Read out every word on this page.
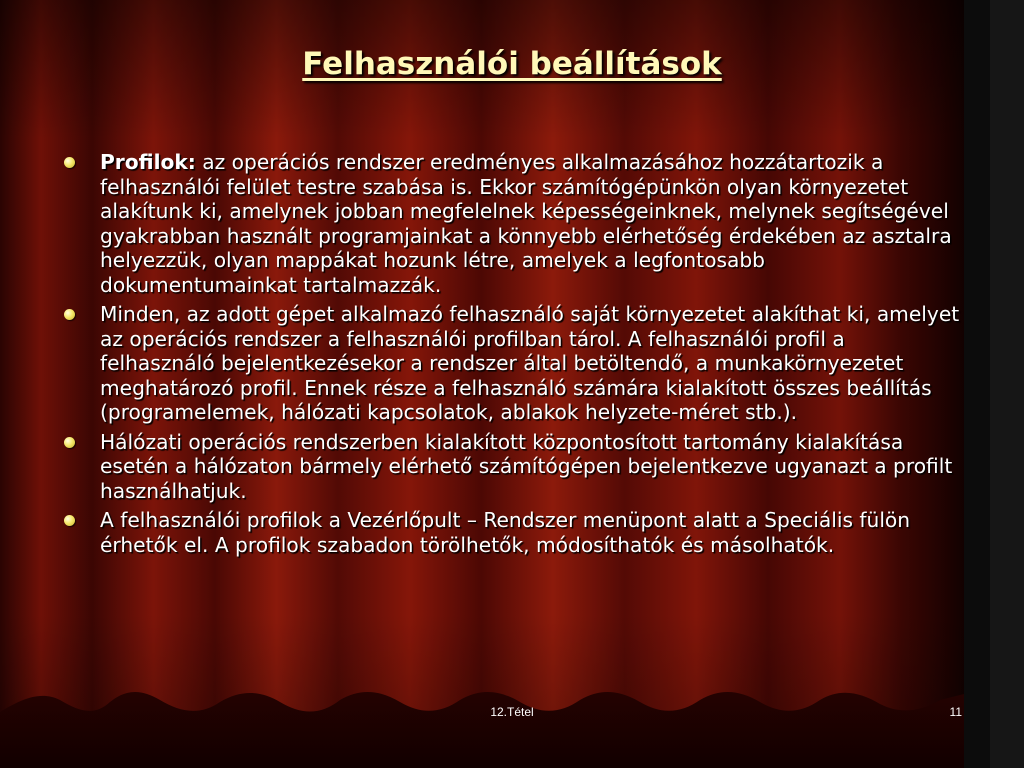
Felhasználói beállítások
Profilok: az operációs rendszer eredményes alkalmazásához hozzátartozik a felhasználói felület testre szabása is. Ekkor számítógépünkön olyan környezetet alakítunk ki, amelynek jobban megfelelnek képességeinknek, melynek segítségével gyakrabban használt programjainkat a könnyebb elérhetőség érdekében az asztalra helyezzük, olyan mappákat hozunk létre, amelyek a legfontosabb dokumentumainkat tartalmazzák.
Minden, az adott gépet alkalmazó felhasználó saját környezetet alakíthat ki, amelyet az operációs rendszer a felhasználói profilban tárol. A felhasználói profil a felhasználó bejelentkezésekor a rendszer által betöltendő, a munkakörnyezetet meghatározó profil. Ennek része a felhasználó számára kialakított összes beállítás (programelemek, hálózati kapcsolatok, ablakok helyzete-méret stb.).
Hálózati operációs rendszerben kialakított központosított tartomány kialakítása esetén a hálózaton bármely elérhető számítógépen bejelentkezve ugyanazt a profilt használhatjuk.
A felhasználói profilok a Vezérlőpult – Rendszer menüpont alatt a Speciális fülön érhetők el. A profilok szabadon törölhetők, módosíthatók és másolhatók.
12.Tétel	11
